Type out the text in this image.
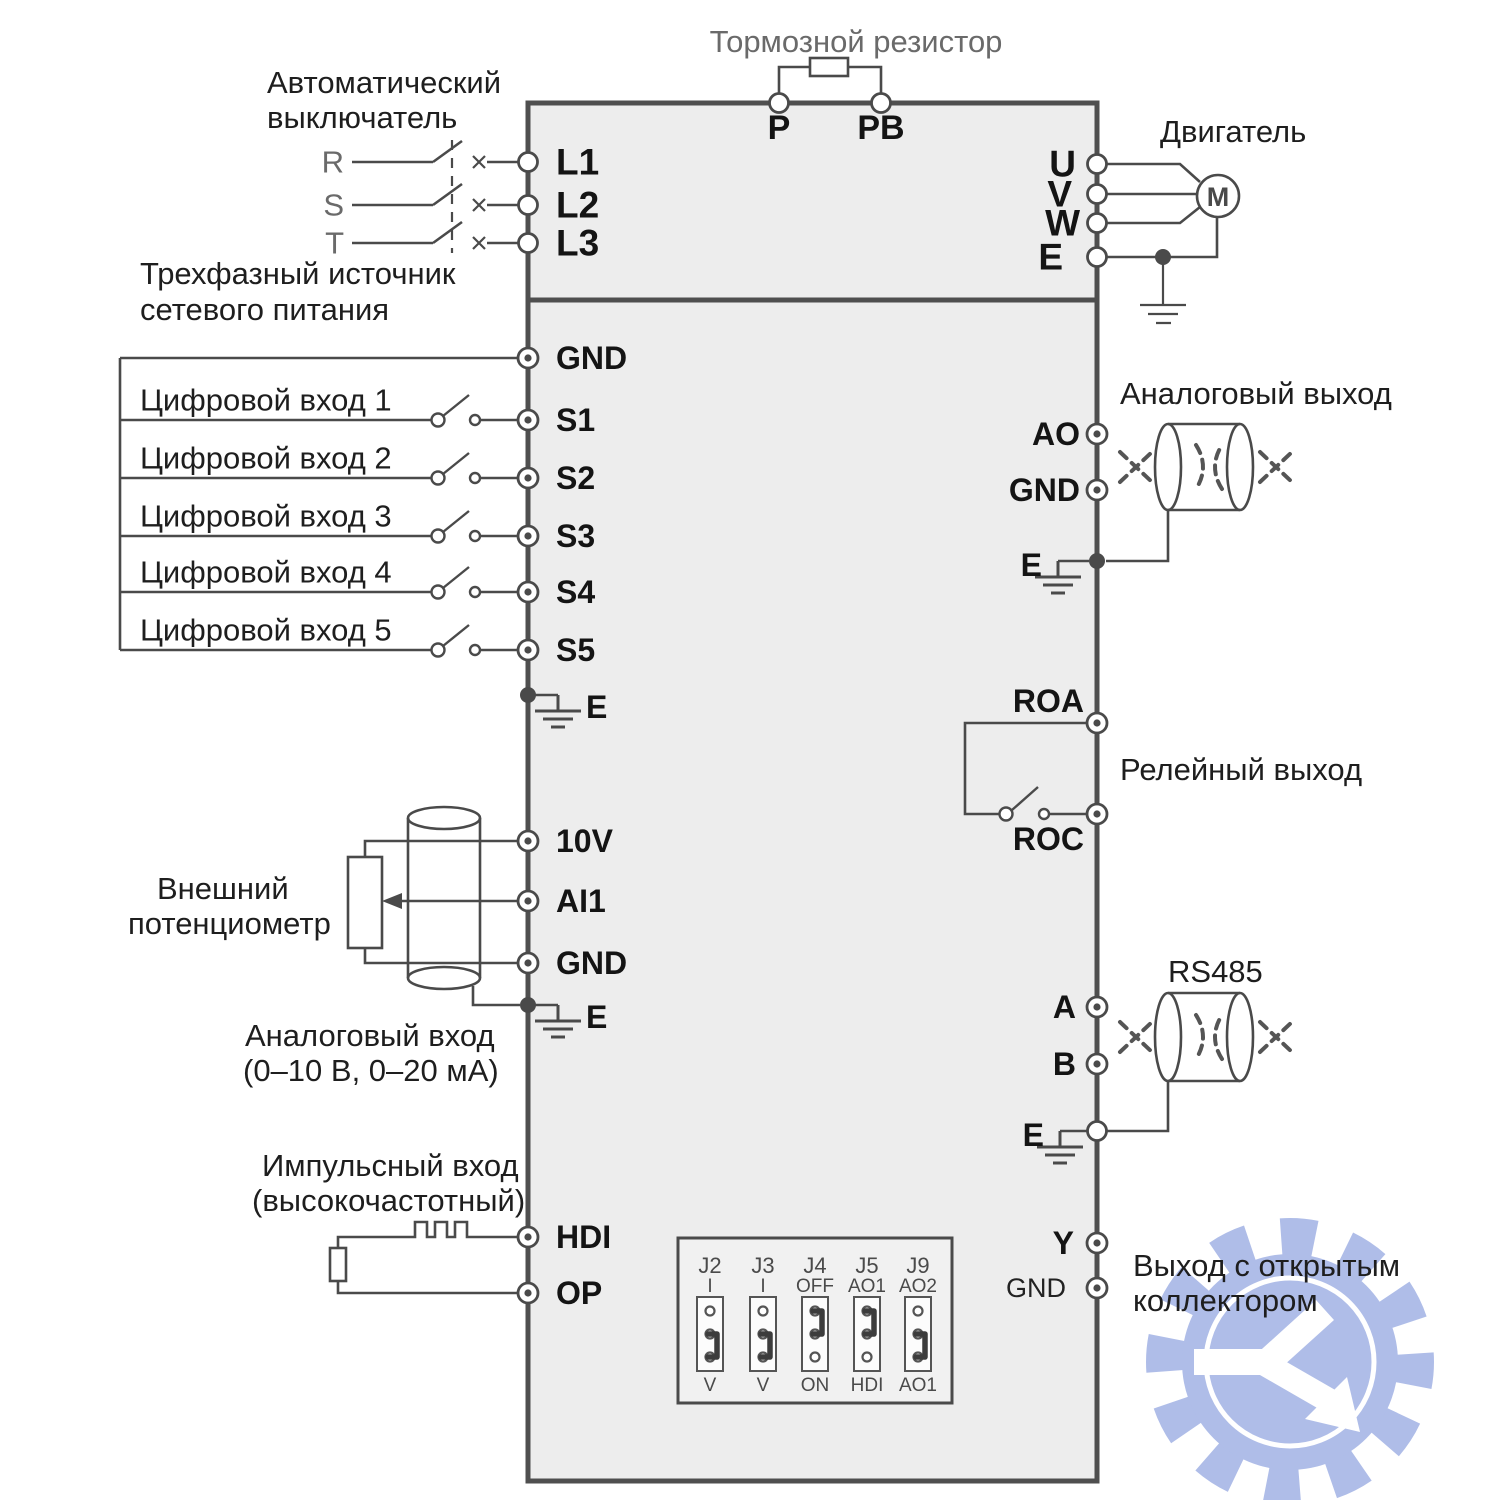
Тормозной резистор
P PB
Автоматический
выключатель
R
S
T
Трехфазный источник
сетевого питания
L1
L2
L3
U
V
W
E
M
Двигатель
Цифровой вход 1
Цифровой вход 2
Цифровой вход 3
Цифровой вход 4
Цифровой вход 5
GND
S1
S2
S3
S4
S5
E
Аналоговый выход
AO
GND
E
ROA
ROC
Релейный выход
10V
AI1
GND
E
Внешний
потенциометр
Аналоговый вход
(0–10 В, 0–20 мА)
RS485
A
B
E
Импульсный вход
(высокочастотный)
HDI
OP
J2
I
V
J3
I
V
J4
OFF
ON
J5
AO1
HDI
J9
AO2
AO1
Y
GND
Выход с открытым
коллектором
